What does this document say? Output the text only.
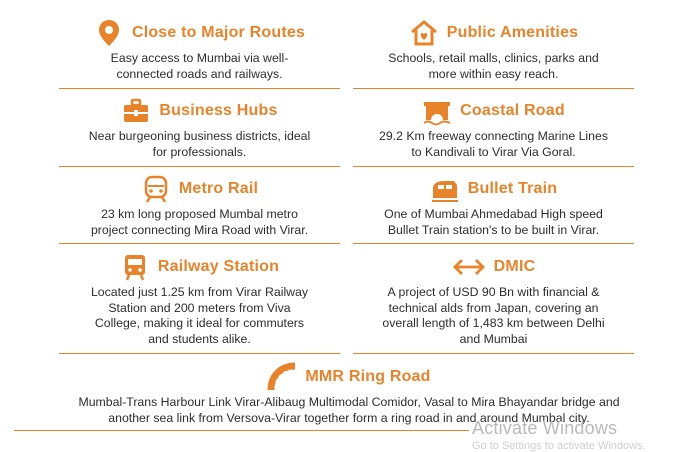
Close to Major Routes
Easy access to Mumbai via well-
connected roads and railways.
Public Amenities
Schools, retail malls, clinics, parks and
more within easy reach.
Business Hubs
Near burgeoning business districts, ideal
for professionals.
Coastal Road
29.2 Km freeway connecting Marine Lines
to Kandivali to Virar Via Goral.
Metro Rail
23 km long proposed Mumbal metro
project connecting Mira Road with Virar.
Bullet Train
One of Mumbai Ahmedabad High speed
Bullet Train station's to be built in Virar.
Railway Station
Located just 1.25 km from Virar Railway
Station and 200 meters from Viva
College, making it ideal for commuters
and students alike.
DMIC
A project of USD 90 Bn with financial &
technical alds from Japan, covering an
overall length of 1,483 km between Delhi
and Mumbai
MMR Ring Road
Mumbal-Trans Harbour Link Virar-Alibaug Multimodal Comidor, Vasal to Mira Bhayandar bridge and
another sea link from Versova-Virar together form a ring road in and around Mumbal city.
Activate Windows
Go to Settings to activate Windows.
